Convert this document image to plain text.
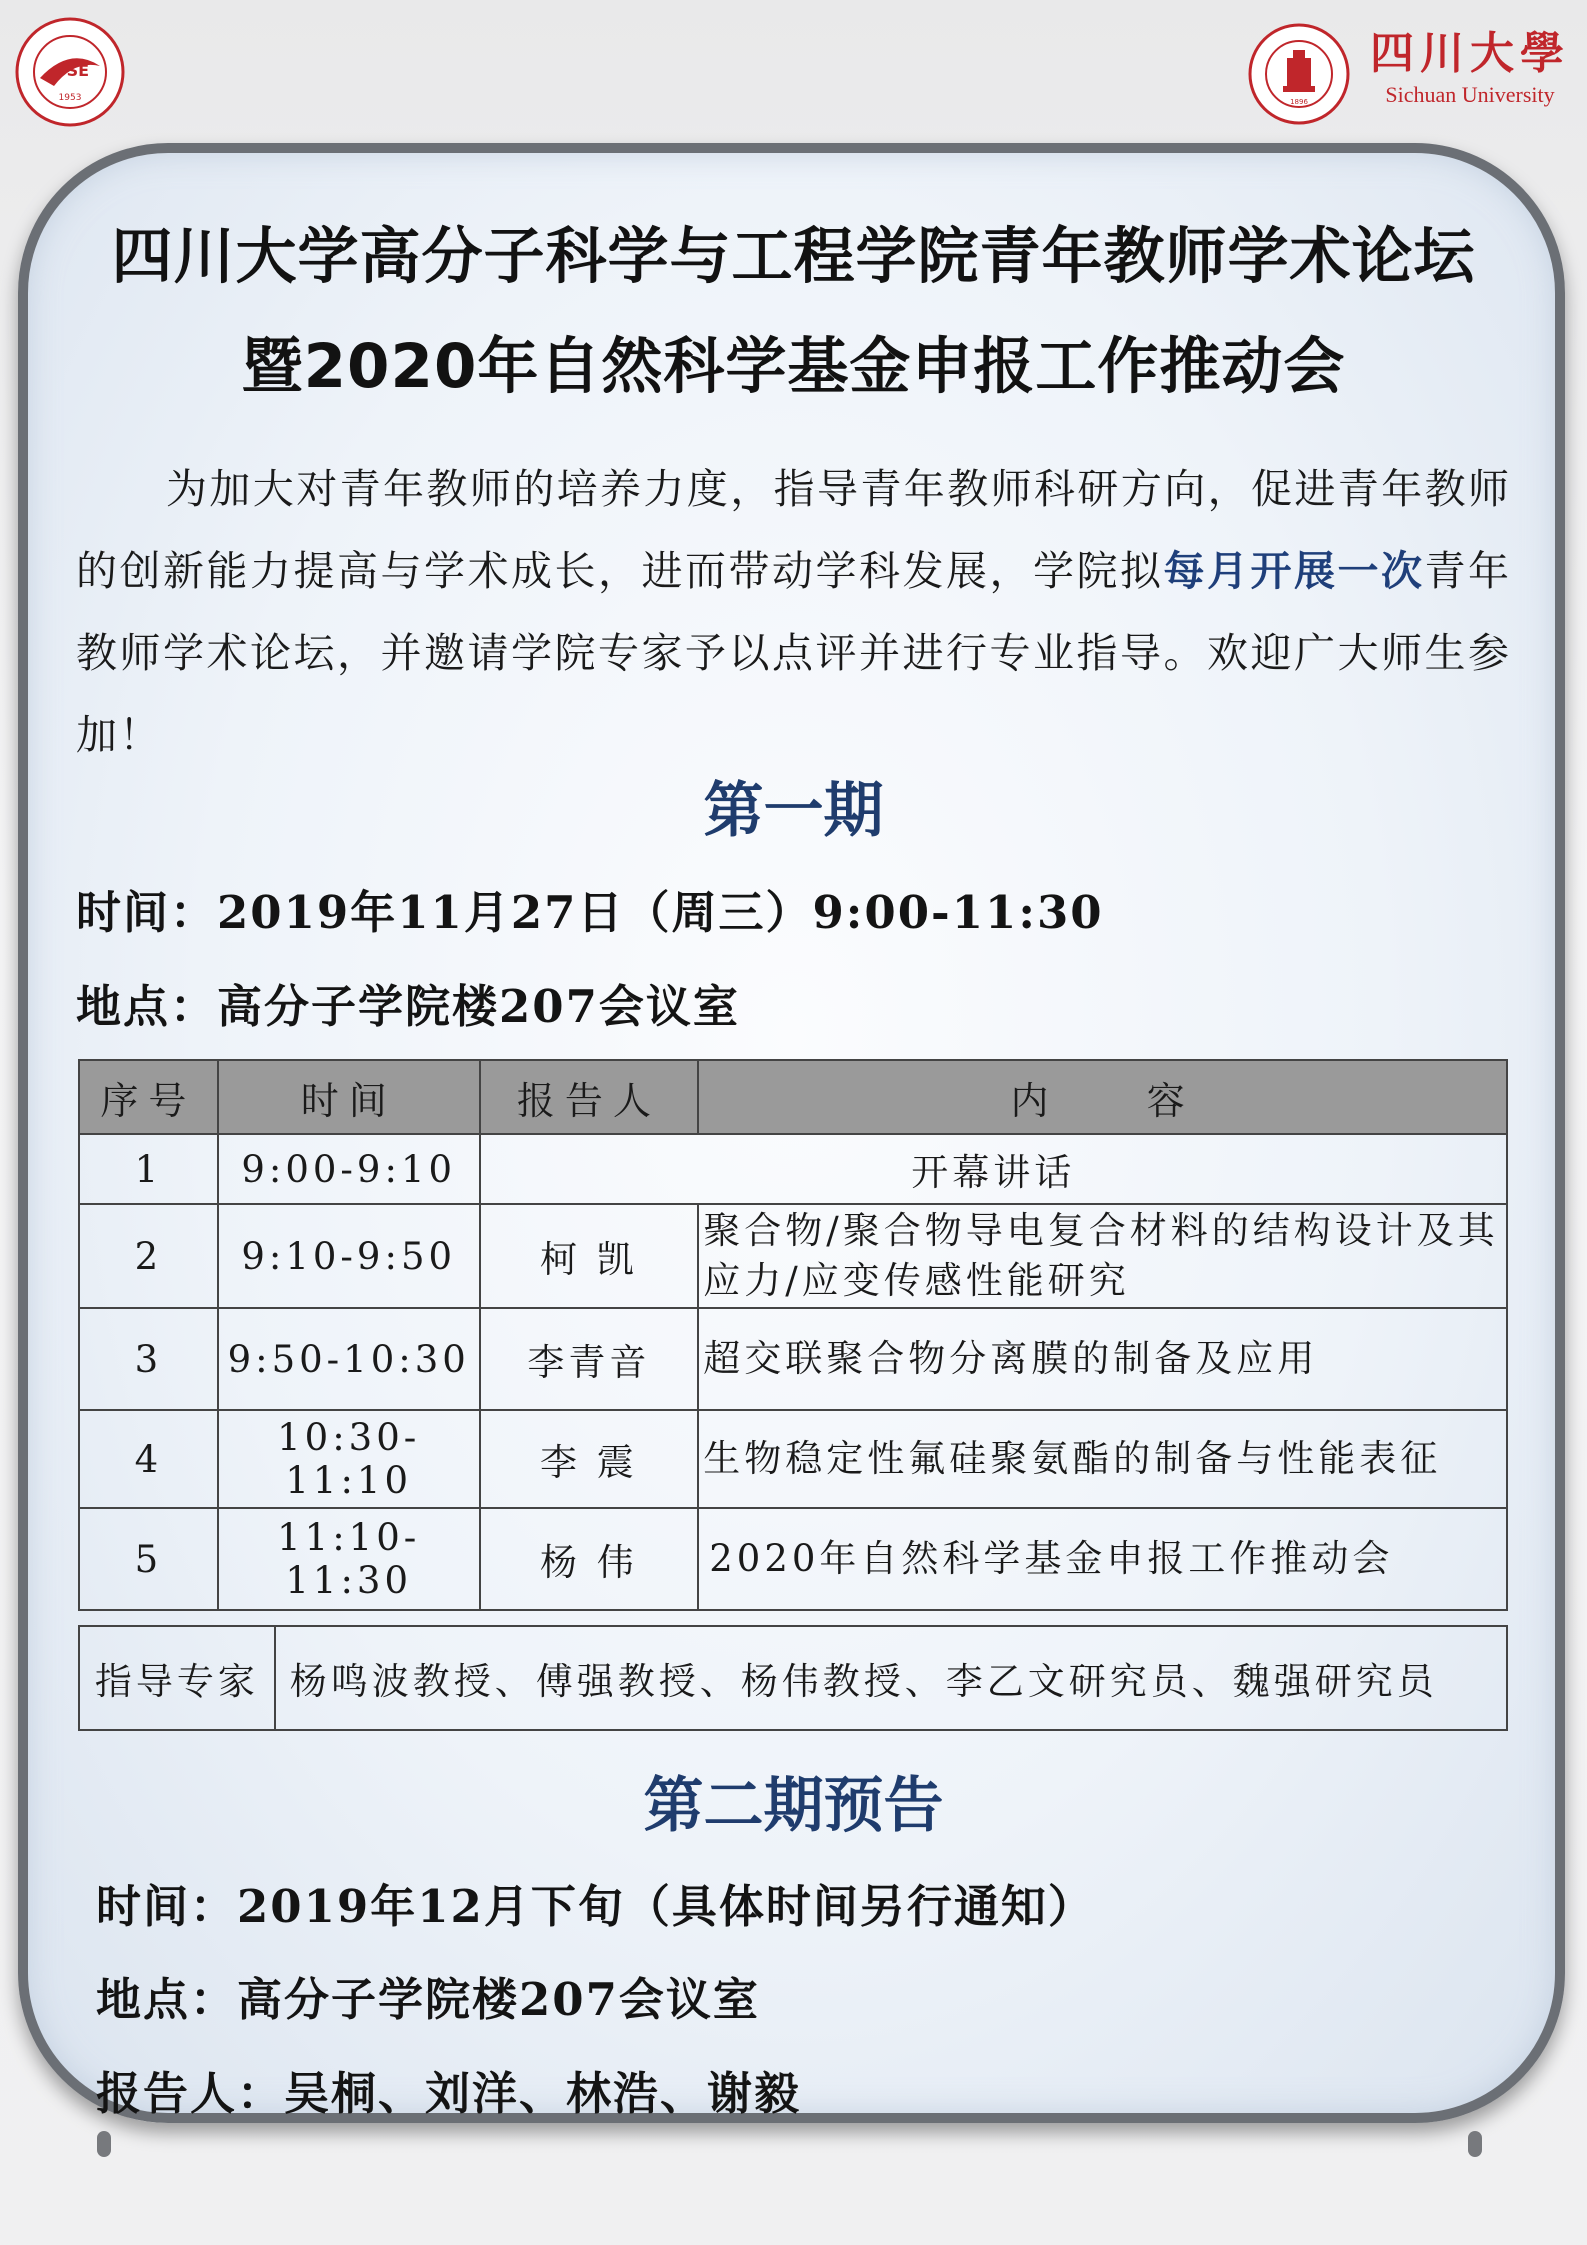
PSE
1953	1896
四川大學
Sichuan University
四川大学高分子科学与工程学院青年教师学术论坛
暨2020年自然科学基金申报工作推动会
为加大对青年教师的培养力度，指导青年教师科研方向，促进青年教师的创新能力提高与学术成长，进而带动学科发展，学院拟每月开展一次青年教师学术论坛，并邀请学院专家予以点评并进行专业指导。欢迎广大师生参加！
第一期
时间：2019年11月27日（周三）9:00-11:30
地点：高分子学院楼207会议室
序号	时间	报告人	内    容
1	9:00-9:10	开幕讲话	
2	9:10-9:50	柯 凯	聚合物/聚合物导电复合材料的结构设计及其应力/应变传感性能研究
3	9:50-10:30	李青音	超交联聚合物分离膜的制备及应用
4	10:30-11:10	李 震	生物稳定性氟硅聚氨酯的制备与性能表征
5	11:10-11:30	杨 伟	2020年自然科学基金申报工作推动会
指导专家	杨鸣波教授、傅强教授、杨伟教授、李乙文研究员、魏强研究员
第二期预告
时间：2019年12月下旬（具体时间另行通知）
地点：高分子学院楼207会议室
报告人：吴桐、刘洋、林浩、谢毅
